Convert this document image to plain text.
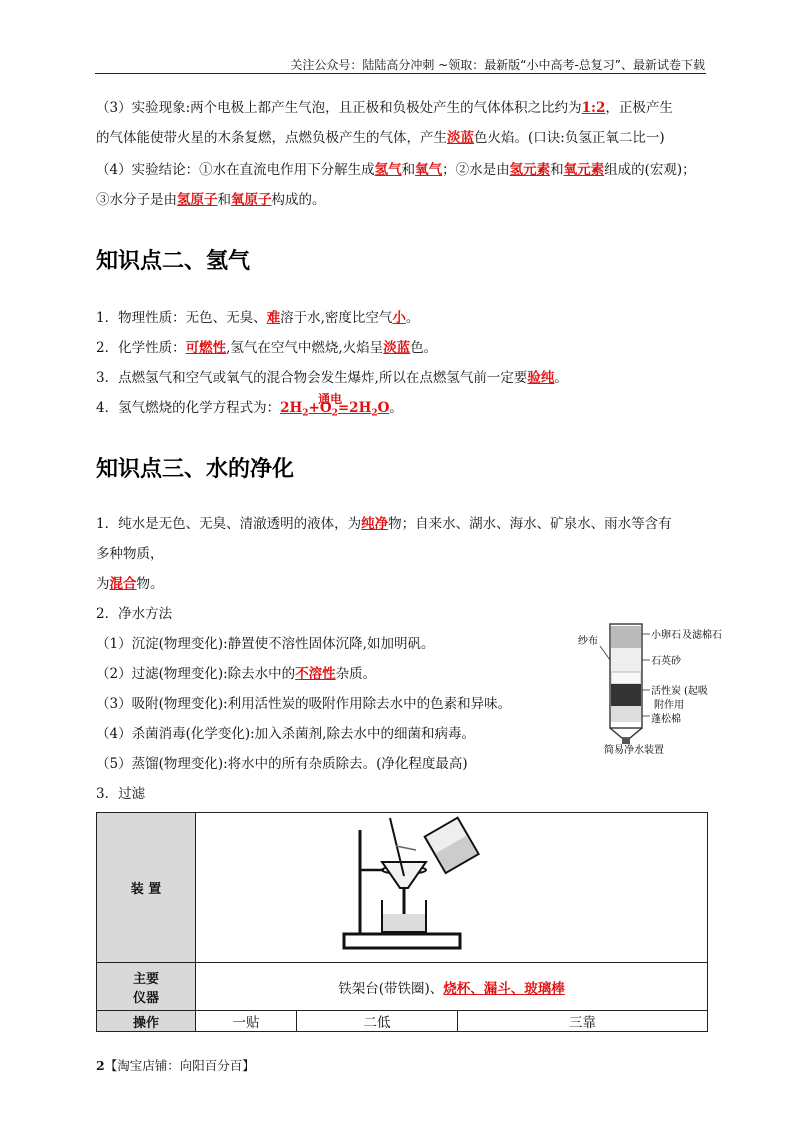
关注公众号：陆陆高分冲刺 ~领取：最新版“小中高考-总复习”、最新试卷下载
（3）实验现象:两个电极上都产生气泡，且正极和负极处产生的气体体积之比约为1:2，正极产生
的气体能使带火星的木条复燃，点燃负极产生的气体，产生淡蓝色火焰。(口诀:负氢正氧二比一)
（4）实验结论：①水在直流电作用下分解生成氢气和氧气；②水是由氢元素和氧元素组成的(宏观)；
③水分子是由氢原子和氧原子构成的。
知识点二、氢气
1．物理性质：无色、无臭、难溶于水,密度比空气小。
2．化学性质：可燃性,氢气在空气中燃烧,火焰呈淡蓝色。
3．点燃氢气和空气或氧气的混合物会发生爆炸,所以在点燃氢气前一定要验纯。
4．氢气燃烧的化学方程式为：
通电
$2H_2+O_2=2H_2O$。
知识点三、水的净化
1．纯水是无色、无臭、清澈透明的液体，为纯净物；自来水、湖水、海水、矿泉水、雨水等含有
多种物质，
为混合物。
2．净水方法
（1）沉淀(物理变化):静置使不溶性固体沉降,如加明矾。
（2）过滤(物理变化):除去水中的不溶性杂质。
（3）吸附(物理变化):利用活性炭的吸附作用除去水中的色素和异味。
（4）杀菌消毒(化学变化):加入杀菌剂,除去水中的细菌和病毒。
（5）蒸馏(物理变化):将水中的所有杂质除去。(净化程度最高)
3．过滤
小卵石 及滤棉石
纱布
石英砂
活性炭 (起吸
附作用
蓬松棉
简易净水装置
装 置	
主要
仪器	铁架台(带铁圈)、烧杯、漏斗、玻璃棒		
操作	一贴	二低	三靠
2【淘宝店铺：向阳百分百】
